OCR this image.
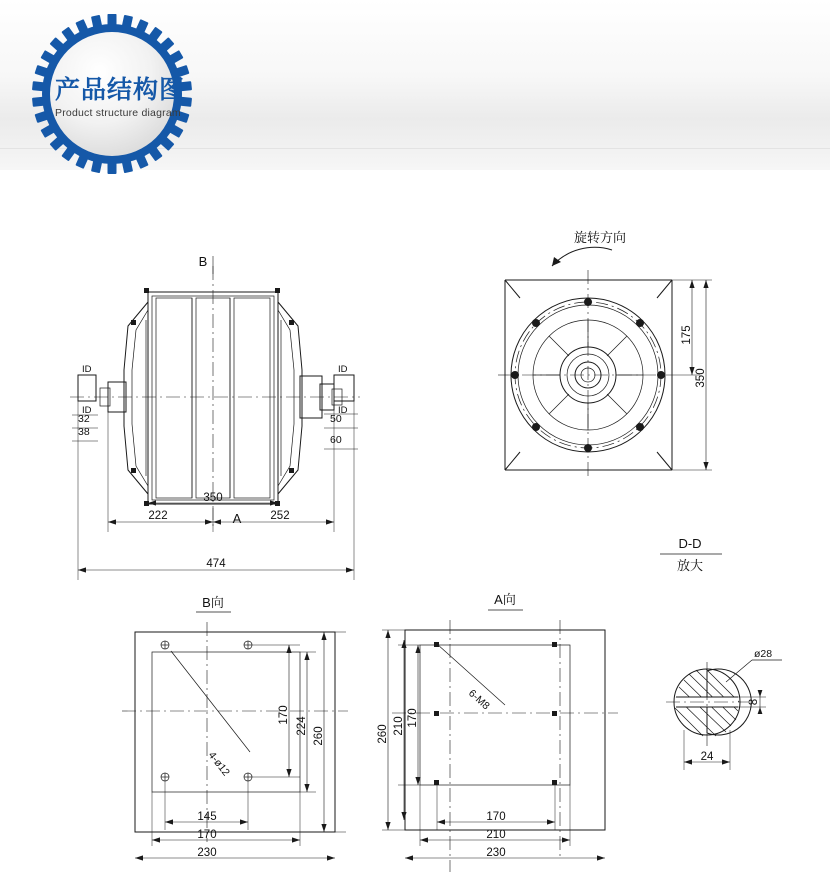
产品结构图
Product structure diagram
ID
ID
ID
ID
B
A
32
38
50
60
350
222	252
474
旋转方向
175
350
D-D
放大
B向
4-ø12
170
224
260
145
170
230
A向
6-M8
260 210 170
170
210
230
ø28
8
24
